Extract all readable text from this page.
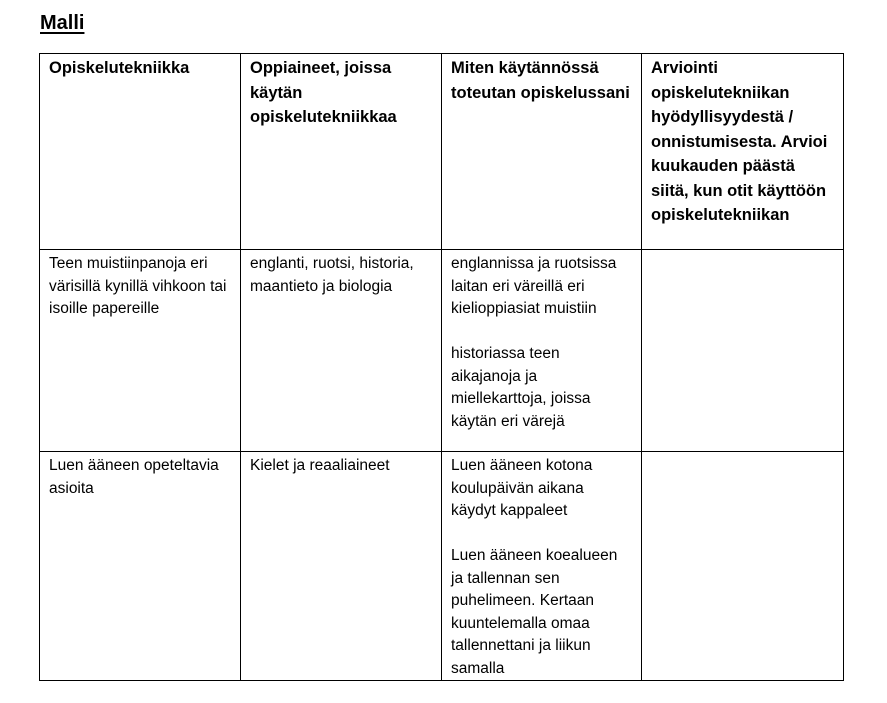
Malli
Opiskelutekniikka	Oppiaineet, joissa käytän opiskelutekniikkaa	Miten käytännössä toteutan opiskelussani	Arviointi opiskelutekniikan hyödyllisyydestä / onnistumisesta. Arvioi kuukauden päästä siitä, kun otit käyttöön opiskelutekniikan
Teen muistiinpanoja eri värisillä kynillä vihkoon tai isoille papereille	englanti, ruotsi, historia, maantieto ja biologia	englannissa ja ruotsissa laitan eri väreillä eri kielioppiasiat muistiin
historiassa teen aikajanoja ja miellekarttoja, joissa käytän eri värejä	

Luen ääneen opeteltavia asioita	Kielet ja reaaliaineet	Luen ääneen kotona koulupäivän aikana käydyt kappaleet
Luen ääneen koealueen ja tallennan sen puhelimeen. Kertaan kuuntelemalla omaa tallennettani ja liikun samalla	
